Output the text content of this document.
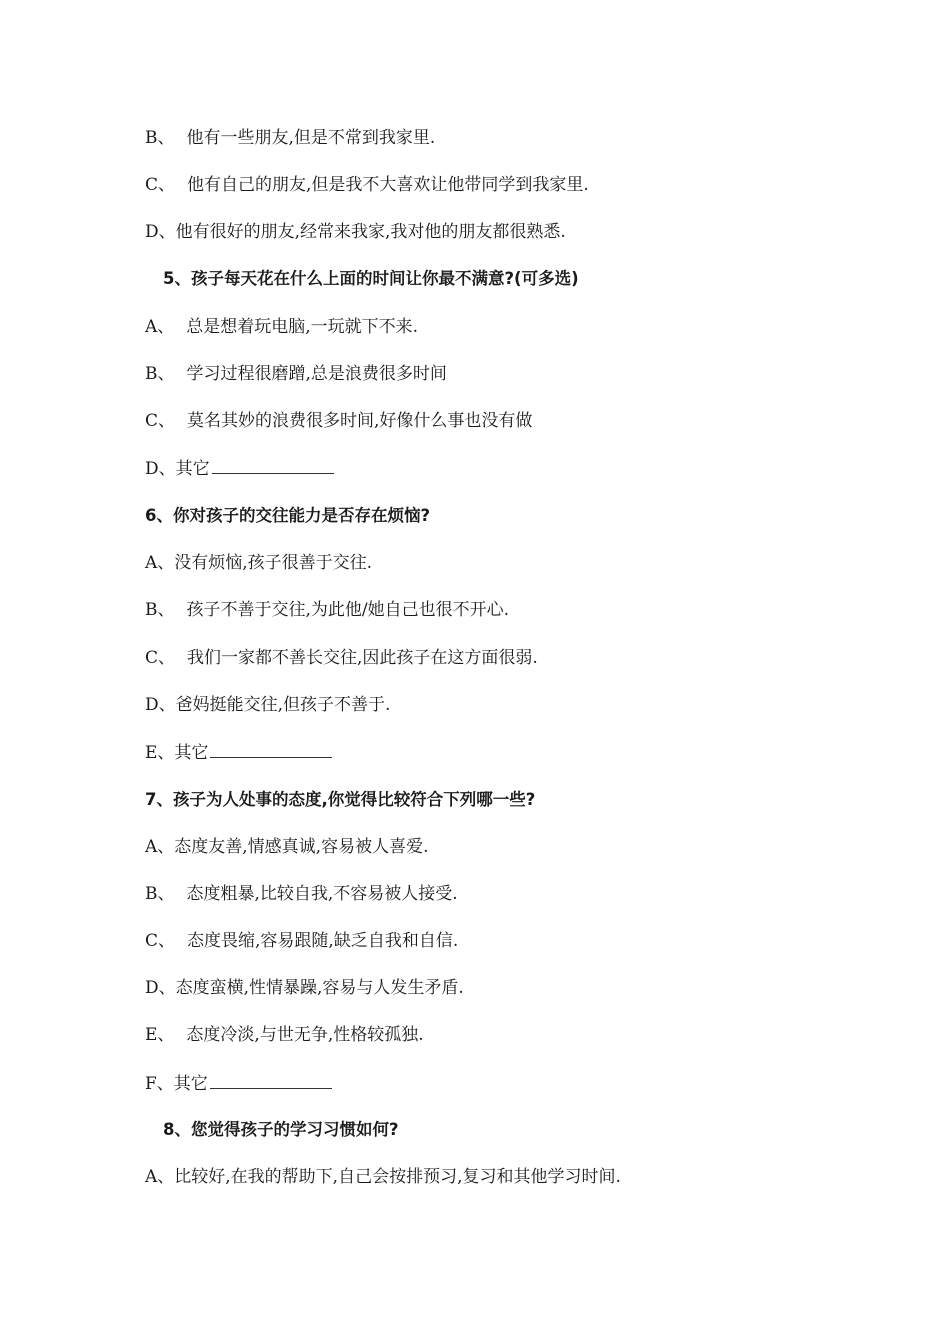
B、 他有一些朋友,但是不常到我家里.
C、 他有自己的朋友,但是我不大喜欢让他带同学到我家里.
D、他有很好的朋友,经常来我家,我对他的朋友都很熟悉.
5、孩子每天花在什么上面的时间让你最不满意?(可多选)
A、 总是想着玩电脑,一玩就下不来.
B、 学习过程很磨蹭,总是浪费很多时间
C、 莫名其妙的浪费很多时间,好像什么事也没有做
D、其它
6、你对孩子的交往能力是否存在烦恼?
A、没有烦恼,孩子很善于交往.
B、 孩子不善于交往,为此他/她自己也很不开心.
C、 我们一家都不善长交往,因此孩子在这方面很弱.
D、爸妈挺能交往,但孩子不善于.
E、其它
7、孩子为人处事的态度,你觉得比较符合下列哪一些?
A、态度友善,情感真诚,容易被人喜爱.
B、 态度粗暴,比较自我,不容易被人接受.
C、 态度畏缩,容易跟随,缺乏自我和自信.
D、态度蛮横,性情暴躁,容易与人发生矛盾.
E、 态度冷淡,与世无争,性格较孤独.
F、其它
8、您觉得孩子的学习习惯如何?
A、比较好,在我的帮助下,自己会按排预习,复习和其他学习时间.
